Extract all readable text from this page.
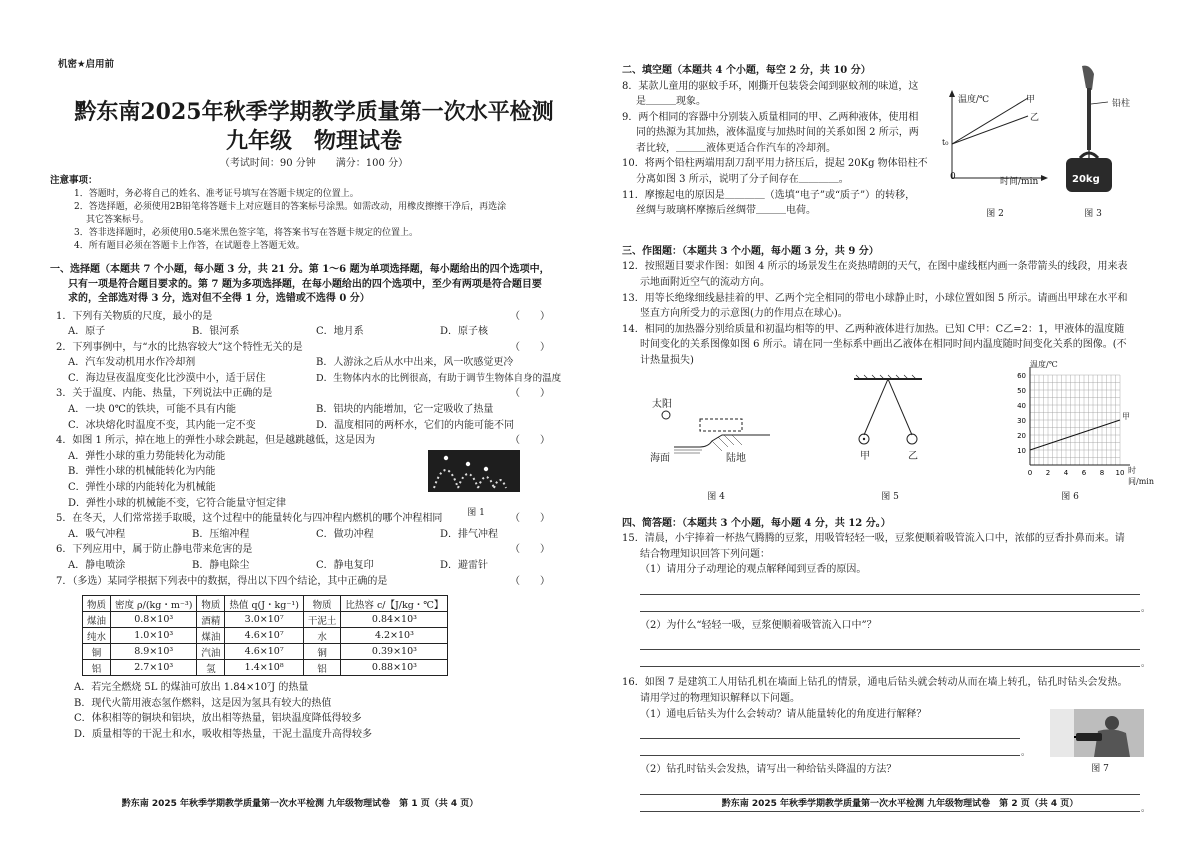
机密★启用前
黔东南2025年秋季学期教学质量第一次水平检测
九年级　物理试卷
（考试时间：90 分钟　　满分：100 分）
注意事项：
1．答题时，务必将自己的姓名、准考证号填写在答题卡规定的位置上。
2．答选择题，必须使用2B铅笔将答题卡上对应题目的答案标号涂黑。如需改动，用橡皮擦擦干净后，再选涂
其它答案标号。
3．答非选择题时，必须使用0.5毫米黑色签字笔，将答案书写在答题卡规定的位置上。
4．所有题目必须在答题卡上作答，在试题卷上答题无效。
一、选择题（本题共 7 个小题，每小题 3 分，共 21 分。第 1～6 题为单项选择题，每小题给出的四个选项中，
只有一项是符合题目要求的。第 7 题为多项选择题，在每小题给出的四个选项中，至少有两项是符合题目要
求的，全部选对得 3 分，选对但不全得 1 分，选错或不选得 0 分）
1．下列有关物质的尺度，最小的是	（　　）
A．原子	B．银河系	C．地月系	D．原子核
2．下列事例中，与“水的比热容较大”这个特性无关的是	（　　）
A．汽车发动机用水作冷却剂	B．人游泳之后从水中出来，风一吹感觉更冷
C．海边昼夜温度变化比沙漠中小，适于居住	D．生物体内水的比例很高，有助于调节生物体自身的温度
3．关于温度、内能、热量，下列说法中正确的是	（　　）
A．一块 0℃的铁块，可能不具有内能	B．铝块的内能增加，它一定吸收了热量
C．冰块熔化时温度不变，其内能一定不变	D．温度相同的两杯水，它们的内能可能不同
4．如图 1 所示，掉在地上的弹性小球会跳起，但是越跳越低，这是因为	（　　）
A．弹性小球的重力势能转化为动能
B．弹性小球的机械能转化为内能
C．弹性小球的内能转化为机械能
D．弹性小球的机械能不变，它符合能量守恒定律
图 1
5．在冬天，人们常常搓手取暖，这个过程中的能量转化与四冲程内燃机的哪个冲程相同	（　　）
A．吸气冲程	B．压缩冲程	C．做功冲程	D．排气冲程
6．下列应用中，属于防止静电带来危害的是	（　　）
A．静电喷涂	B．静电除尘	C．静电复印	D．避雷针
7．（多选）某同学根据下列表中的数据，得出以下四个结论，其中正确的是	（　　）
物质	密度 ρ/(kg・m⁻³)	物质	热值 q(J・kg⁻¹)	物质	比热容 c/【J/kg・℃】
煤油	0.8×10³	酒精	3.0×10⁷	干泥土	0.84×10³
纯水	1.0×10³	煤油	4.6×10⁷	水	4.2×10³
铜	8.9×10³	汽油	4.6×10⁷	铜	0.39×10³
铝	2.7×10³	氢	1.4×10⁸	铝	0.88×10³
A．若完全燃烧 5L 的煤油可放出 1.84×10⁷J 的热量
B．现代火箭用液态氢作燃料，这是因为氢具有较大的热值
C．体积相等的铜块和铝块，放出相等热量，铝块温度降低得较多
D．质量相等的干泥土和水，吸收相等热量，干泥土温度升高得较多
黔东南 2025 年秋季学期教学质量第一次水平检测 九年级物理试卷　第 1 页（共 4 页）
二、填空题（本题共 4 个小题，每空 2 分，共 10 分）
8．某款儿童用的驱蚊手环，刚撕开包装袋会闻到驱蚊剂的味道，这
是＿＿＿现象。
9．两个相同的容器中分别装入质量相同的甲、乙两种液体，使用相
同的热源为其加热，液体温度与加热时间的关系如图 2 所示，两
者比较，＿＿＿液体更适合作汽车的冷却剂。
10．将两个铅柱两端用刮刀刮平用力挤压后，提起 20Kg 物体铅柱不
分离如图 3 所示，说明了分子间存在＿＿＿＿。
11．摩擦起电的原因是＿＿＿＿（选填“电子”或“质子”）的转移，
丝绸与玻璃杯摩擦后丝绸带＿＿＿电荷。
温度/℃	甲
乙
t₀
0	时间/min
图 2
铅柱
20kg
图 3
三、作图题：（本题共 3 个小题，每小题 3 分，共 9 分）
12．按照题目要求作图：如图 4 所示的场景发生在炎热晴朗的天气，在图中虚线框内画一条带箭头的线段，用来表
示地面附近空气的流动方向。
13．用等长绝缘细线悬挂着的甲、乙两个完全相同的带电小球静止时，小球位置如图 5 所示。请画出甲球在水平和
竖直方向所受力的示意图(力的作用点在球心)。
14．相同的加热器分别给质量和初温均相等的甲、乙两种液体进行加热。已知 C甲：C乙=2：1，甲液体的温度随
时间变化的关系图像如图 6 所示。请在同一坐标系中画出乙液体在相同时间内温度随时间变化关系的图像。(不
计热量损失)
太阳
海面	陆地
图 4
甲	乙
图 5
60
50
40
30
20
10
0 2 4 6 8 10
温度/℃
时间/min
甲
图 6
四、简答题：（本题共 3 个小题，每小题 4 分，共 12 分。）
15．清晨，小宇捧着一杯热气腾腾的豆浆，用吸管轻轻一吸，豆浆便顺着吸管流入口中，浓郁的豆香扑鼻而来。请
结合物理知识回答下列问题：
（1）请用分子动理论的观点解释闻到豆香的原因。
。
（2）为什么“轻轻一吸，豆浆便顺着吸管流入口中”？
。
16．如图 7 是建筑工人用钻孔机在墙面上钻孔的情景，通电后钻头就会转动从而在墙上转孔，钻孔时钻头会发热。
请用学过的物理知识解释以下问题。
（1）通电后钻头为什么会转动？请从能量转化的角度进行解释？
。
图 7
（2）钻孔时钻头会发热，请写出一种给钻头降温的方法？
。
黔东南 2025 年秋季学期教学质量第一次水平检测 九年级物理试卷　第 2 页（共 4 页）
